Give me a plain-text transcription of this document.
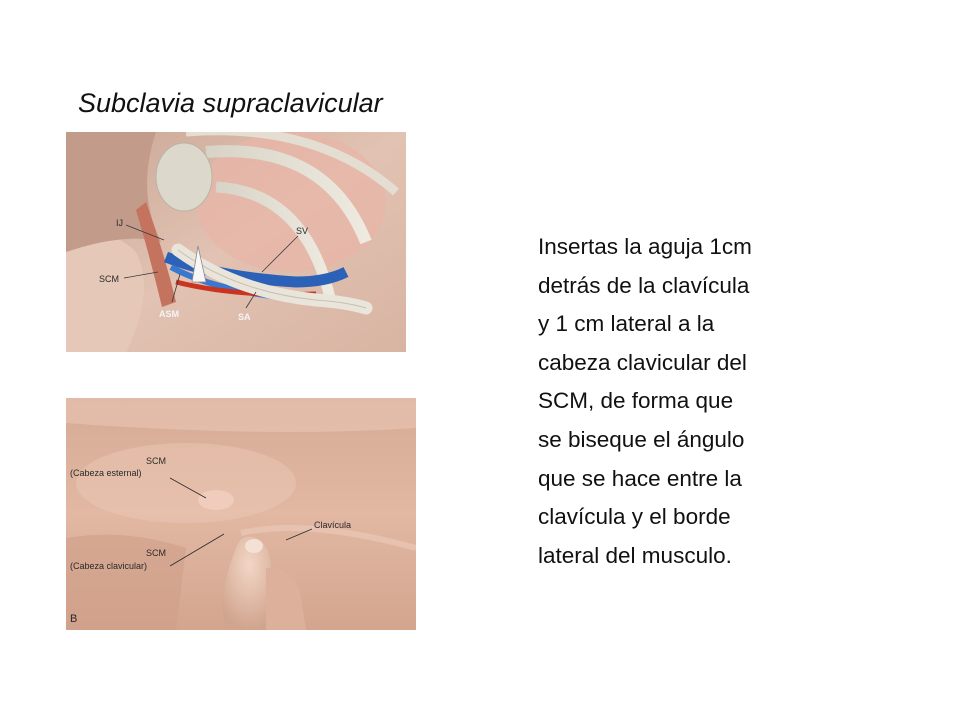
Subclavia supraclavicular
IJ
SCM
ASM	SA
SV
SCM
(Cabeza esternal)
SCM
(Cabeza clavicular)
Clavícula
B

Insertas la aguja 1cm
detrás de la clavícula
y 1 cm lateral a la
cabeza clavicular del
SCM, de forma que
se biseque el ángulo
que se hace entre la
clavícula y el borde
lateral del musculo.
